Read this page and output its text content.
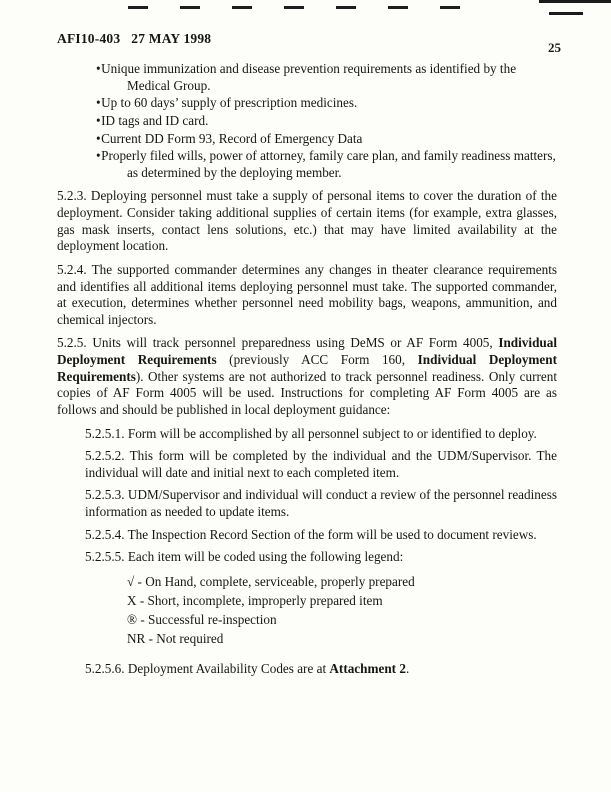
AFI10-403 27 MAY 1998
25
•Unique immunization and disease prevention requirements as identified by the Medical Group.
•Up to 60 days’ supply of prescription medicines.
•ID tags and ID card.
•Current DD Form 93, Record of Emergency Data
•Properly filed wills, power of attorney, family care plan, and family readiness matters, as determined by the deploying member.

5.2.3. Deploying personnel must take a supply of personal items to cover the duration of the deployment. Consider taking additional supplies of certain items (for example, extra glasses, gas mask inserts, contact lens solutions, etc.) that may have limited availability at the deployment location.

5.2.4. The supported commander determines any changes in theater clearance requirements and identifies all additional items deploying personnel must take. The supported commander, at execution, determines whether personnel need mobility bags, weapons, ammunition, and chemical injectors.

5.2.5. Units will track personnel preparedness using DeMS or AF Form 4005, Individual Deployment Requirements (previously ACC Form 160, Individual Deployment Requirements). Other systems are not authorized to track personnel readiness. Only current copies of AF Form 4005 will be used. Instructions for completing AF Form 4005 are as follows and should be published in local deployment guidance:

5.2.5.1. Form will be accomplished by all personnel subject to or identified to deploy.

5.2.5.2. This form will be completed by the individual and the UDM/Supervisor. The individual will date and initial next to each completed item.

5.2.5.3. UDM/Supervisor and individual will conduct a review of the personnel readiness information as needed to update items.

5.2.5.4. The Inspection Record Section of the form will be used to document reviews.

5.2.5.5. Each item will be coded using the following legend:

√ - On Hand, complete, serviceable, properly prepared
X - Short, incomplete, improperly prepared item
® - Successful re-inspection
NR - Not required

5.2.5.6. Deployment Availability Codes are at Attachment 2.
